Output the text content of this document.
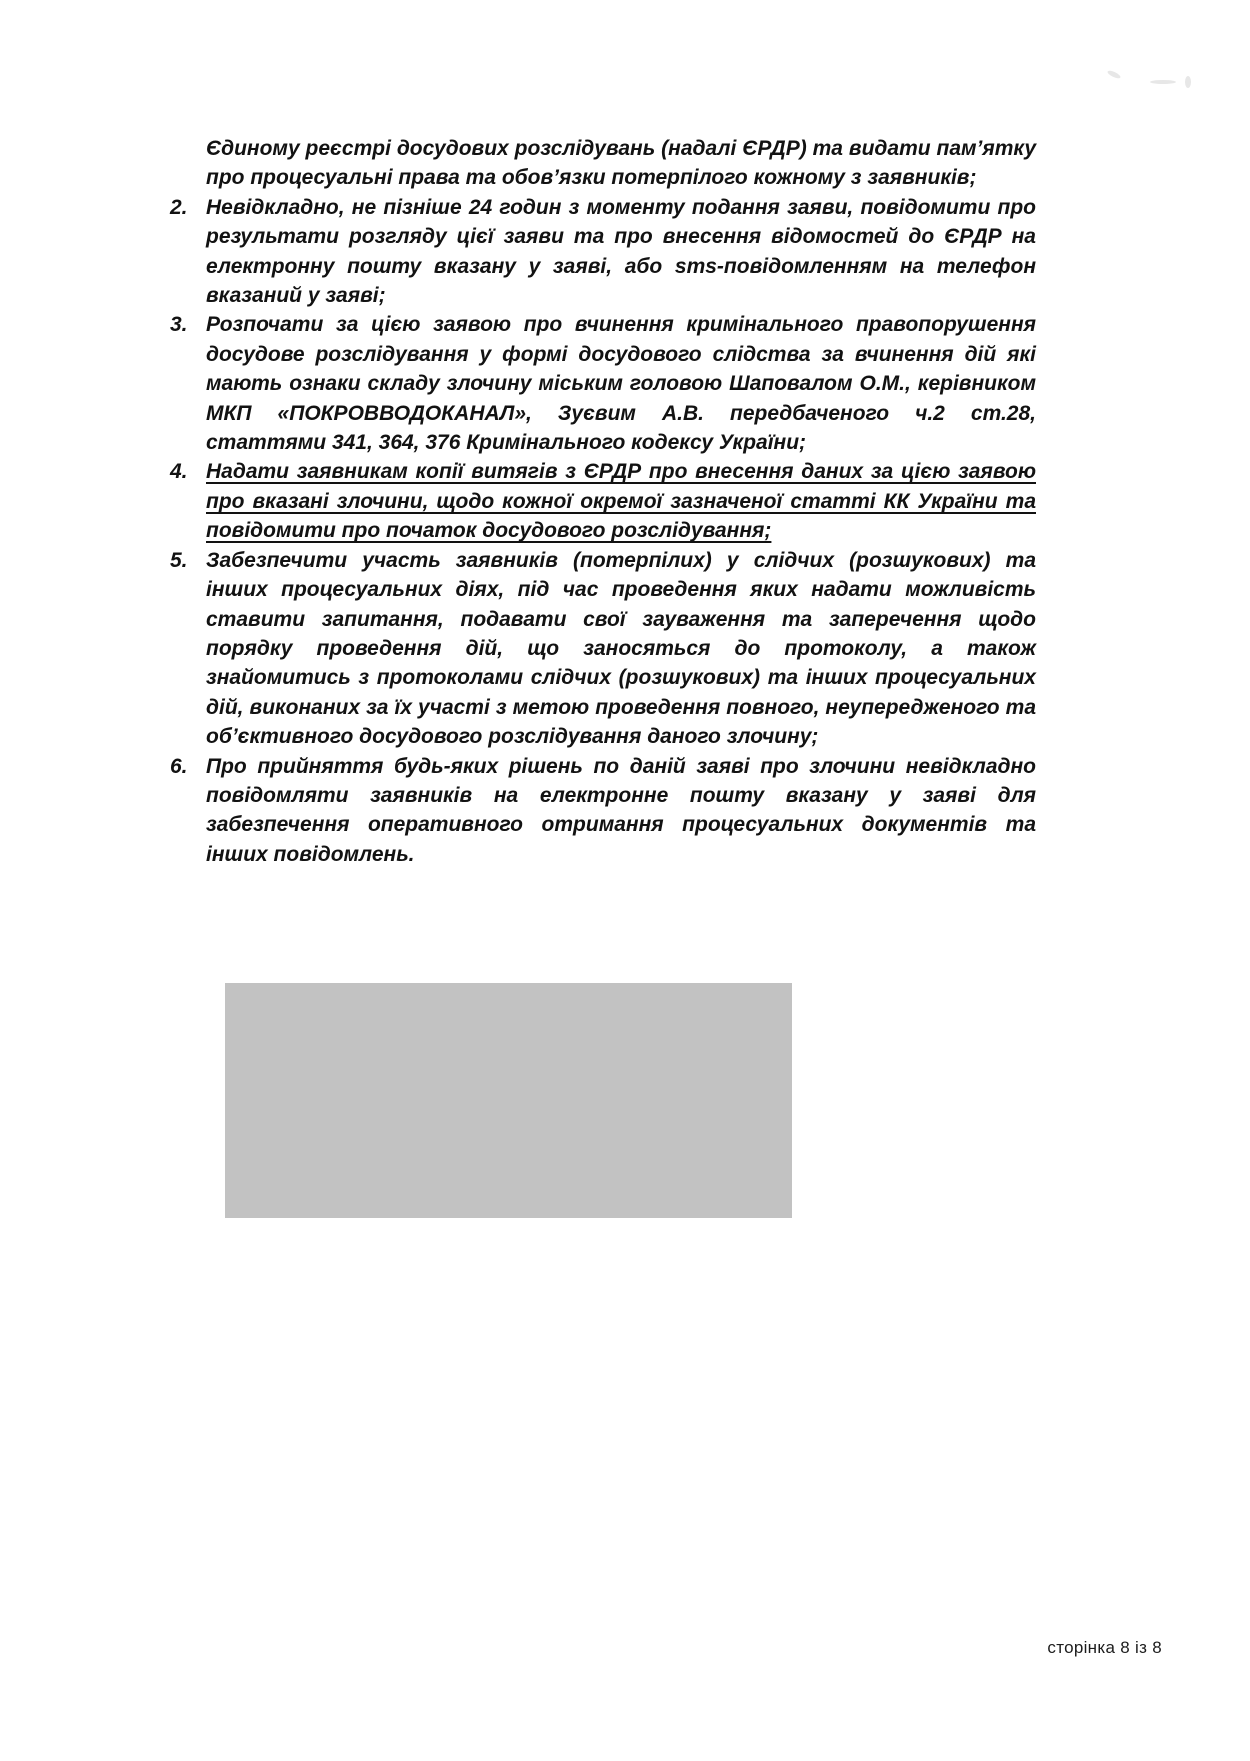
Єдиному реєстрі досудових розслідувань (надалі ЄРДР) та видати пам’ятку про процесуальні права та обов’язки потерпілого кожному з заявників;
2. Невідкладно, не пізніше 24 годин з моменту подання заяви, повідомити про результати розгляду цієї заяви та про внесення відомостей до ЄРДР на електронну пошту вказану у заяві, або sms-повідомленням на телефон вказаний у заяві;
3. Розпочати за цією заявою про вчинення кримінального правопорушення досудове розслідування у формі досудового слідства за вчинення дій які мають ознаки складу злочину міським головою Шаповалом О.М., керівником МКП «ПОКРОВВОДОКАНАЛ», Зуєвим А.В. передбаченого ч.2 ст.28, статтями 341, 364, 376 Кримінального кодексу України;
4. Надати заявникам копії витягів з ЄРДР про внесення даних за цією заявою про вказані злочини, щодо кожної окремої зазначеної статті КК України та повідомити про початок досудового розслідування;
5. Забезпечити участь заявників (потерпілих) у слідчих (розшукових) та інших процесуальних діях, під час проведення яких надати можливість ставити запитання, подавати свої зауваження та заперечення щодо порядку проведення дій, що заносяться до протоколу, а також знайомитись з протоколами слідчих (розшукових) та інших процесуальних дій, виконаних за їх участі з метою проведення повного, неупередженого та об’єктивного досудового розслідування даного злочину;
6. Про прийняття будь-яких рішень по даній заяві про злочини невідкладно повідомляти заявників на електронне пошту вказану у заяві для забезпечення оперативного отримання процесуальних документів та інших повідомлень.
сторінка 8 із 8
